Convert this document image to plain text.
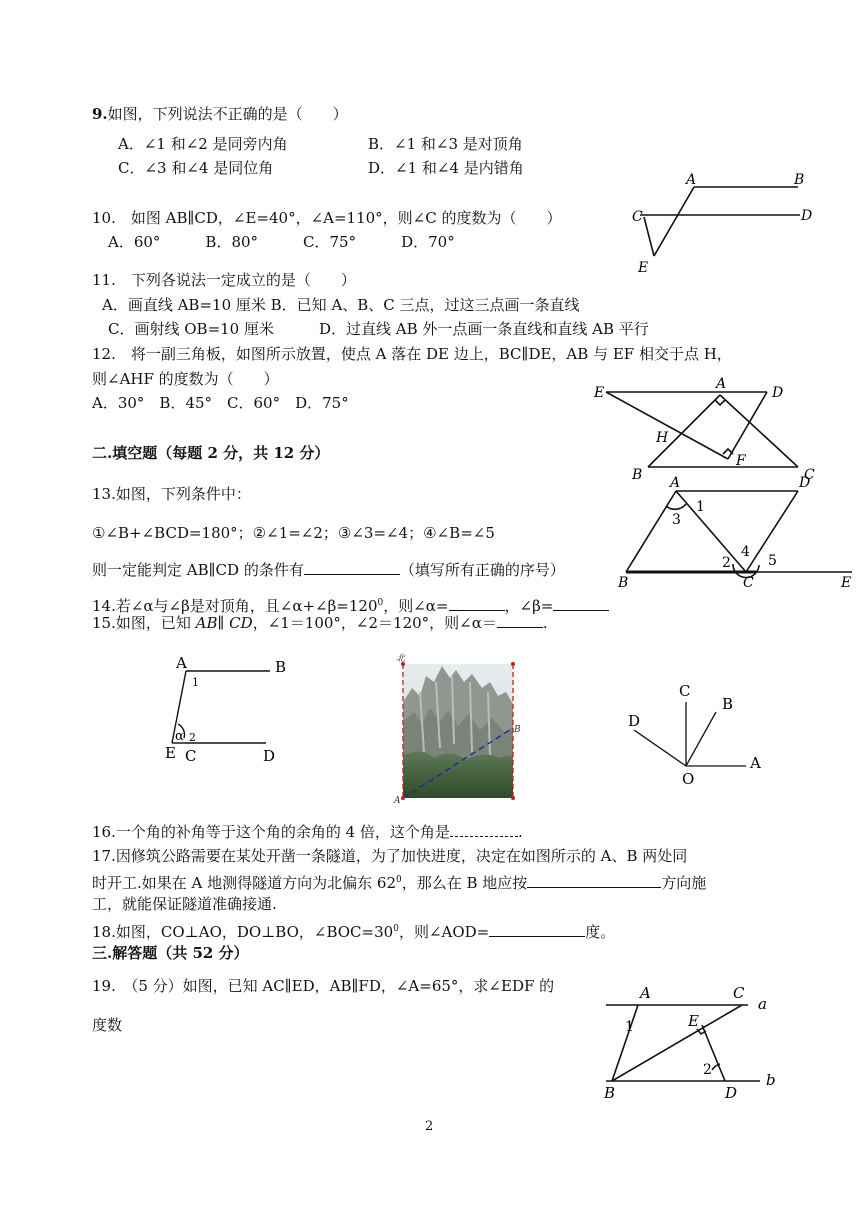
9.如图，下列说法不正确的是（　　）
A．∠1 和∠2 是同旁内角	B．∠1 和∠3 是对顶角
C．∠3 和∠4 是同位角	D．∠1 和∠4 是内错角
A	B
C	D
E
10.　如图 AB∥CD，∠E=40°，∠A=110°，则∠C 的度数为（　　）
A．60°　　　B．80°　　　C．75°　　　D．70°
11.　下列各说法一定成立的是（　　）
A．画直线 AB=10 厘米 B．已知 A、B、C 三点，过这三点画一条直线
C．画射线 OB=10 厘米　　　D．过直线 AB 外一点画一条直线和直线 AB 平行
12.　将一副三角板，如图所示放置，使点 A 落在 DE 边上，BC∥DE，AB 与 EF 相交于点 H，
则∠AHF 的度数为（　　）
A．30°　B．45°　C．60°　D．75°
E
A
D
H
F
B	C
二.填空题（每题 2 分，共 12 分）
13.如图，下列条件中：
①∠B+∠BCD=180°；②∠1=∠2；③∠3=∠4；④∠B=∠5
则一定能判定 AB∥CD 的条件有	（填写所有正确的序号）
A	D
1
3
2
4
5
B	C	E
14.若∠α与∠β是对顶角，且$\angle\alpha+\angle\beta=120^0$，则∠α=	，∠β=
15.如图，已知 AB∥ CD，∠1＝100°，∠2＝120°，则∠α＝	.
A	B
1
α 2
E C	D
北
A
B
C
B
D
O
A
16.一个角的补角等于这个角的余角的 4 倍，这个角是	.
17.因修筑公路需要在某处开凿一条隧道，为了加快进度，决定在如图所示的 A、B 两处同
时开工.如果在 A 地测得隧道方向为北偏东 $62^0$，那么在 B 地应按	方向施
工，就能保证隧道准确接通.
18.如图，CO⊥AO，DO⊥BO，$\angle BOC=30^0$，则∠AOD=	度。
三.解答题（共 52 分）
19.　（5 分）如图，已知 AC∥ED，AB∥FD，∠A=65°，求∠EDF 的
度数
A	C
a
1	E
2
b
B	D
2
